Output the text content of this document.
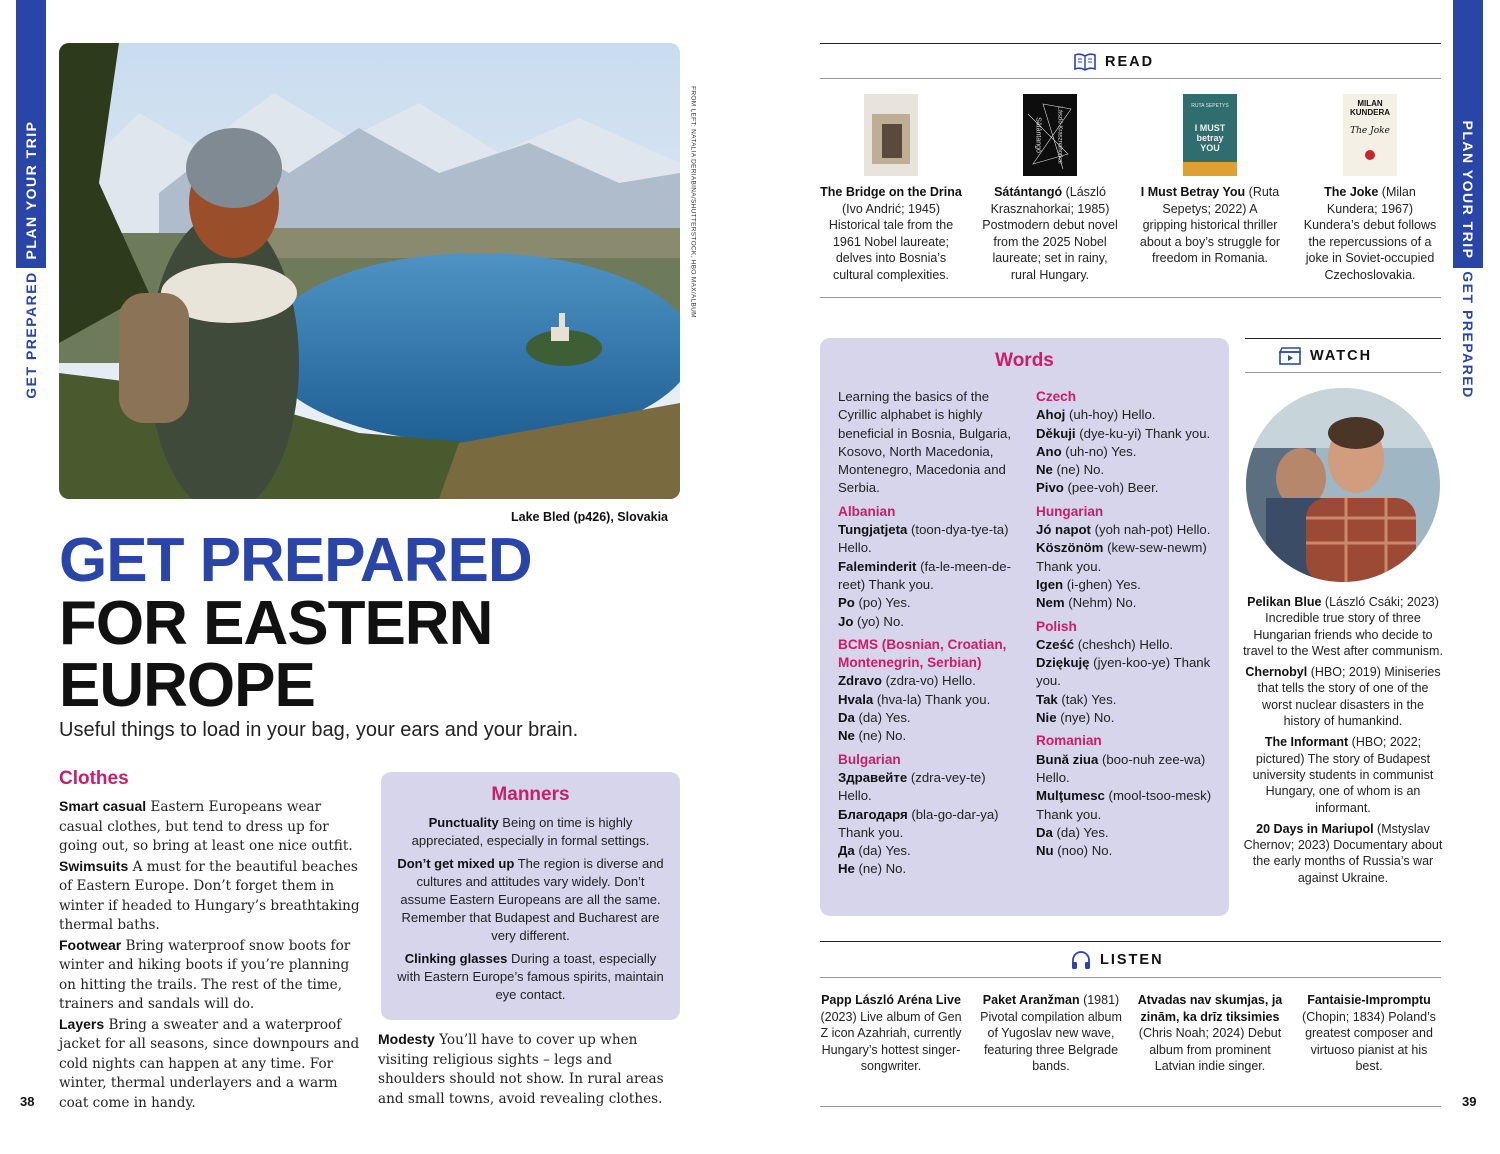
PLAN YOUR TRIP
GET PREPARED
PLAN YOUR TRIP
GET PREPARED
38	39
FROM LEFT: NATALIA DERIABINA/SHUTTERSTOCK, HBO MAX/ALBUM
Lake Bled (p426), Slovakia
GET PREPARED
FOR EASTERN
EUROPE
Useful things to load in your bag, your ears and your brain.
Clothes
Smart casual Eastern Europeans wear casual clothes, but tend to dress up for going out, so bring at least one nice outfit.
Swimsuits A must for the beautiful beaches of Eastern Europe. Don’t forget them in winter if headed to Hungary’s breathtaking thermal baths.
Footwear Bring waterproof snow boots for winter and hiking boots if you’re planning on hitting the trails. The rest of the time, trainers and sandals will do.
Layers Bring a sweater and a waterproof jacket for all seasons, since downpours and cold nights can happen at any time. For winter, thermal underlayers and a warm coat come in handy.
Manners

Punctuality Being on time is highly appreciated, especially in formal settings.

Don’t get mixed up The region is diverse and cultures and attitudes vary widely. Don’t assume Eastern Europeans are all the same. Remember that Budapest and Bucharest are very different.

Clinking glasses During a toast, especially with Eastern Europe’s famous spirits, maintain eye contact.

Modesty You’ll have to cover up when visiting religious sights – legs and shoulders should not show. In rural areas and small towns, avoid revealing clothes.
READ
The Bridge on the Drina (Ivo Andrić; 1945) Historical tale from the 1961 Nobel laureate; delves into Bosnia’s cultural complexities.
László Krasznahorkai
Sátántangó
Sátántangó (László Krasznahorkai; 1985) Postmodern debut novel from the 2025 Nobel laureate; set in rainy, rural Hungary.
RUTA SEPETYS
I MUST betray YOU
I Must Betray You (Ruta Sepetys; 2022) A gripping historical thriller about a boy’s struggle for freedom in Romania.
MILAN KUNDERA
The Joke
The Joke (Milan Kundera; 1967) Kundera’s debut follows the repercussions of a joke in Soviet-occupied Czechoslovakia.
Words
Learning the basics of the Cyrillic alphabet is highly beneficial in Bosnia, Bulgaria, Kosovo, North Macedonia, Montenegro, Macedonia and Serbia.
Albanian
Tungjatjeta (toon-dya-tye-ta) Hello.
Faleminderit (fa-le-meen-de-reet) Thank you.
Po (po) Yes.
Jo (yo) No.
BCMS (Bosnian, Croatian, Montenegrin, Serbian)
Zdravo (zdra-vo) Hello.
Hvala (hva-la) Thank you.
Da (da) Yes.
Ne (ne) No.
Bulgarian
Здравейте (zdra-vey-te) Hello.
Благодаря (bla-go-dar-ya) Thank you.
Да (da) Yes.
Не (ne) No.
Czech
Ahoj (uh-hoy) Hello.
Děkuji (dye-ku-yi) Thank you.
Ano (uh-no) Yes.
Ne (ne) No.
Pivo (pee-voh) Beer.
Hungarian
Jó napot (yoh nah-pot) Hello.
Köszönöm (kew-sew-newm) Thank you.
Igen (i-ghen) Yes.
Nem (Nehm) No.
Polish
Cześć (cheshch) Hello.
Dziękuję (jyen-koo-ye) Thank you.
Tak (tak) Yes.
Nie (nye) No.
Romanian
Bună ziua (boo-nuh zee-wa) Hello.
Mulţumesc (mool-tsoo-mesk) Thank you.
Da (da) Yes.
Nu (noo) No.
WATCH

Pelikan Blue (László Csáki; 2023) Incredible true story of three Hungarian friends who decide to travel to the West after communism.

Chernobyl (HBO; 2019) Miniseries that tells the story of one of the worst nuclear disasters in the history of humankind.

The Informant (HBO; 2022; pictured) The story of Budapest university students in communist Hungary, one of whom is an informant.

20 Days in Mariupol (Mstyslav Chernov; 2023) Documentary about the early months of Russia’s war against Ukraine.

LISTEN
Papp László Aréna Live (2023) Live album of Gen Z icon Azahriah, currently Hungary’s hottest singer-songwriter.
Paket Aranžman (1981) Pivotal compilation album of Yugoslav new wave, featuring three Belgrade bands.
Atvadas nav skumjas, ja zinām, ka drīz tiksimies (Chris Noah; 2024) Debut album from prominent Latvian indie singer.
Fantaisie-Impromptu (Chopin; 1834) Poland’s greatest composer and virtuoso pianist at his best.
